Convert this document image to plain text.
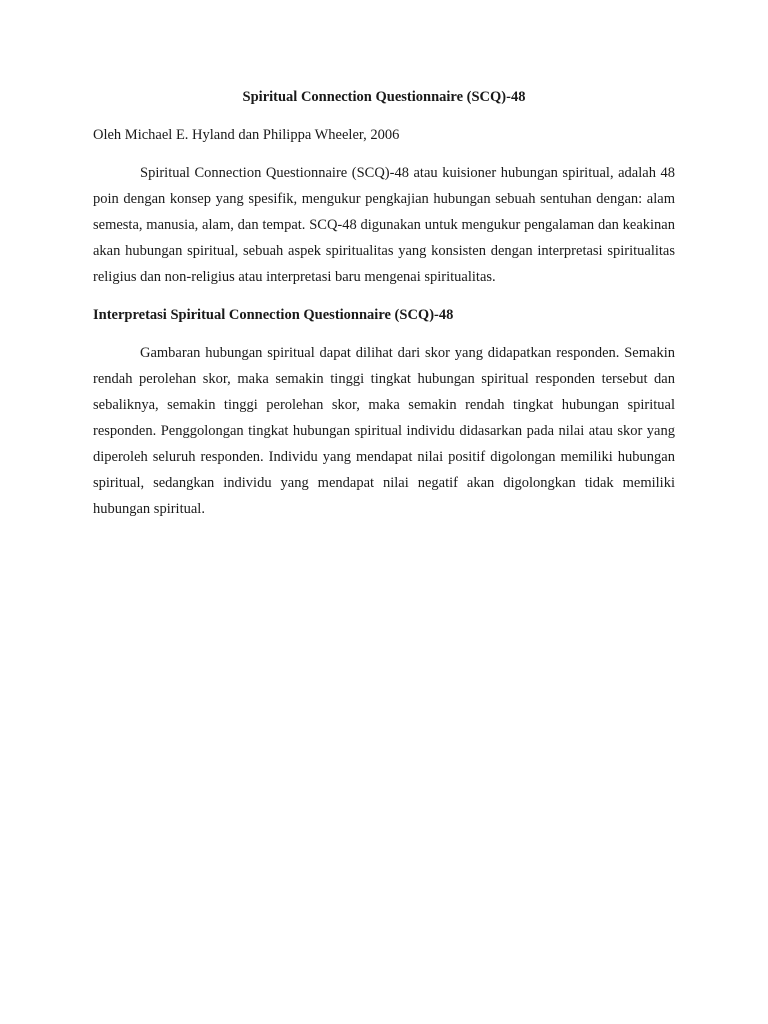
Spiritual Connection Questionnaire (SCQ)-48

Oleh Michael E. Hyland dan Philippa Wheeler, 2006

Spiritual Connection Questionnaire (SCQ)-48 atau kuisioner hubungan spiritual, adalah 48 poin dengan konsep yang spesifik, mengukur pengkajian hubungan sebuah sentuhan dengan: alam semesta, manusia, alam, dan tempat. SCQ-48 digunakan untuk mengukur pengalaman dan keakinan akan hubungan spiritual, sebuah aspek spiritualitas yang konsisten dengan interpretasi spiritualitas religius dan non-religius atau interpretasi baru mengenai spiritualitas.

Interpretasi Spiritual Connection Questionnaire (SCQ)-48

Gambaran hubungan spiritual dapat dilihat dari skor yang didapatkan responden. Semakin rendah perolehan skor, maka semakin tinggi tingkat hubungan spiritual responden tersebut dan sebaliknya, semakin tinggi perolehan skor, maka semakin rendah tingkat hubungan spiritual responden. Penggolongan tingkat hubungan spiritual individu didasarkan pada nilai atau skor yang diperoleh seluruh responden. Individu yang mendapat nilai positif digolongan memiliki hubungan spiritual, sedangkan individu yang mendapat nilai negatif akan digolongkan tidak memiliki hubungan spiritual.
